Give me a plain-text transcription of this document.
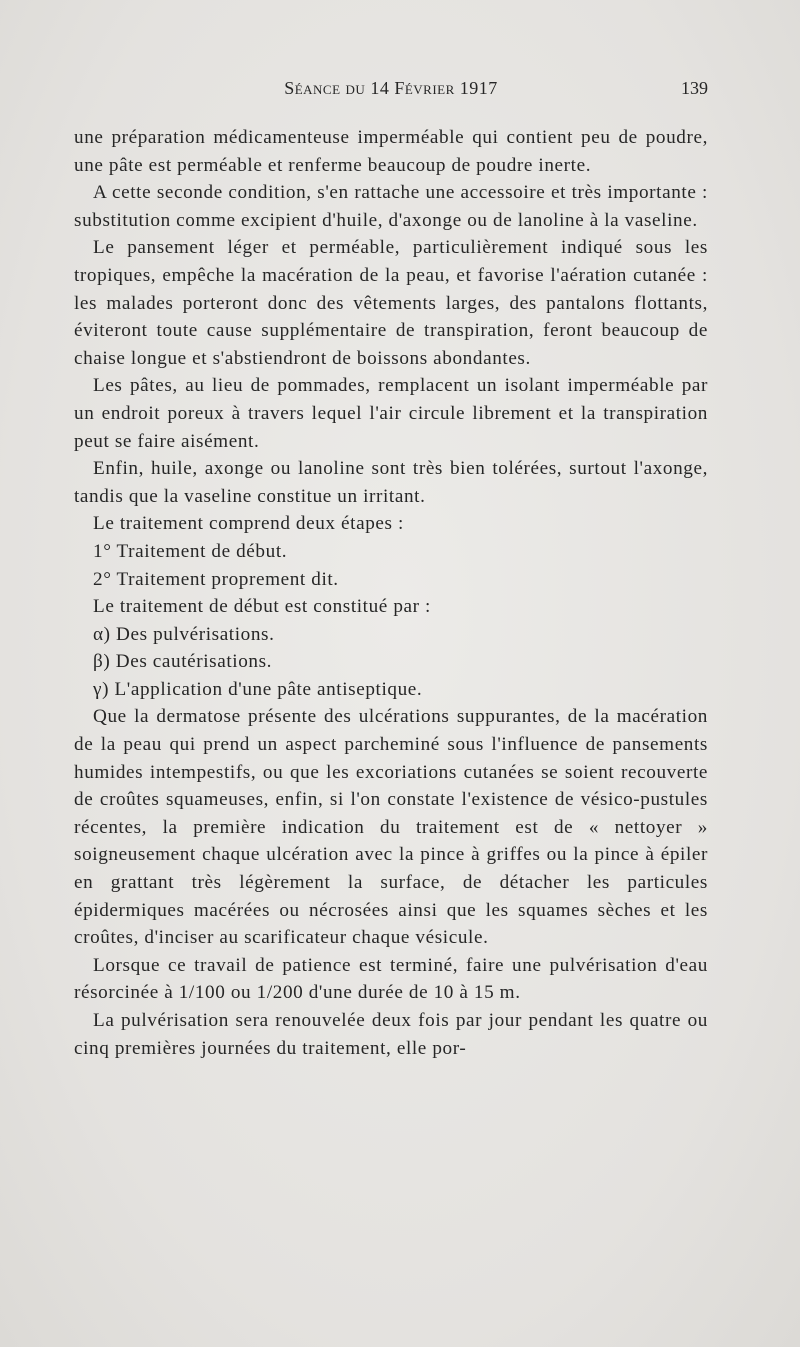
Séance du 14 Février 1917	139

une préparation médicamenteuse imperméable qui contient peu de poudre, une pâte est perméable et renferme beaucoup de poudre inerte.

A cette seconde condition, s'en rattache une accessoire et très importante : substitution comme excipient d'huile, d'axonge ou de lanoline à la vaseline.

Le pansement léger et perméable, particulièrement indiqué sous les tropiques, empêche la macération de la peau, et favorise l'aération cutanée : les malades porteront donc des vêtements larges, des pantalons flottants, éviteront toute cause supplémentaire de transpiration, feront beaucoup de chaise longue et s'abstiendront de boissons abondantes.

Les pâtes, au lieu de pommades, remplacent un isolant imperméable par un endroit poreux à travers lequel l'air circule librement et la transpiration peut se faire aisément.

Enfin, huile, axonge ou lanoline sont très bien tolérées, surtout l'axonge, tandis que la vaseline constitue un irritant.

Le traitement comprend deux étapes :

1° Traitement de début.

2° Traitement proprement dit.

Le traitement de début est constitué par :

α) Des pulvérisations.

β) Des cautérisations.

γ) L'application d'une pâte antiseptique.

Que la dermatose présente des ulcérations suppurantes, de la macération de la peau qui prend un aspect parcheminé sous l'influence de pansements humides intempestifs, ou que les excoriations cutanées se soient recouverte de croûtes squameuses, enfin, si l'on constate l'existence de vésico-pustules récentes, la première indication du traitement est de « nettoyer » soigneusement chaque ulcération avec la pince à griffes ou la pince à épiler en grattant très légèrement la surface, de détacher les particules épidermiques macérées ou nécrosées ainsi que les squames sèches et les croûtes, d'inciser au scarificateur chaque vésicule.

Lorsque ce travail de patience est terminé, faire une pulvérisation d'eau résorcinée à 1/100 ou 1/200 d'une durée de 10 à 15 m.

La pulvérisation sera renouvelée deux fois par jour pendant les quatre ou cinq premières journées du traitement, elle por-
